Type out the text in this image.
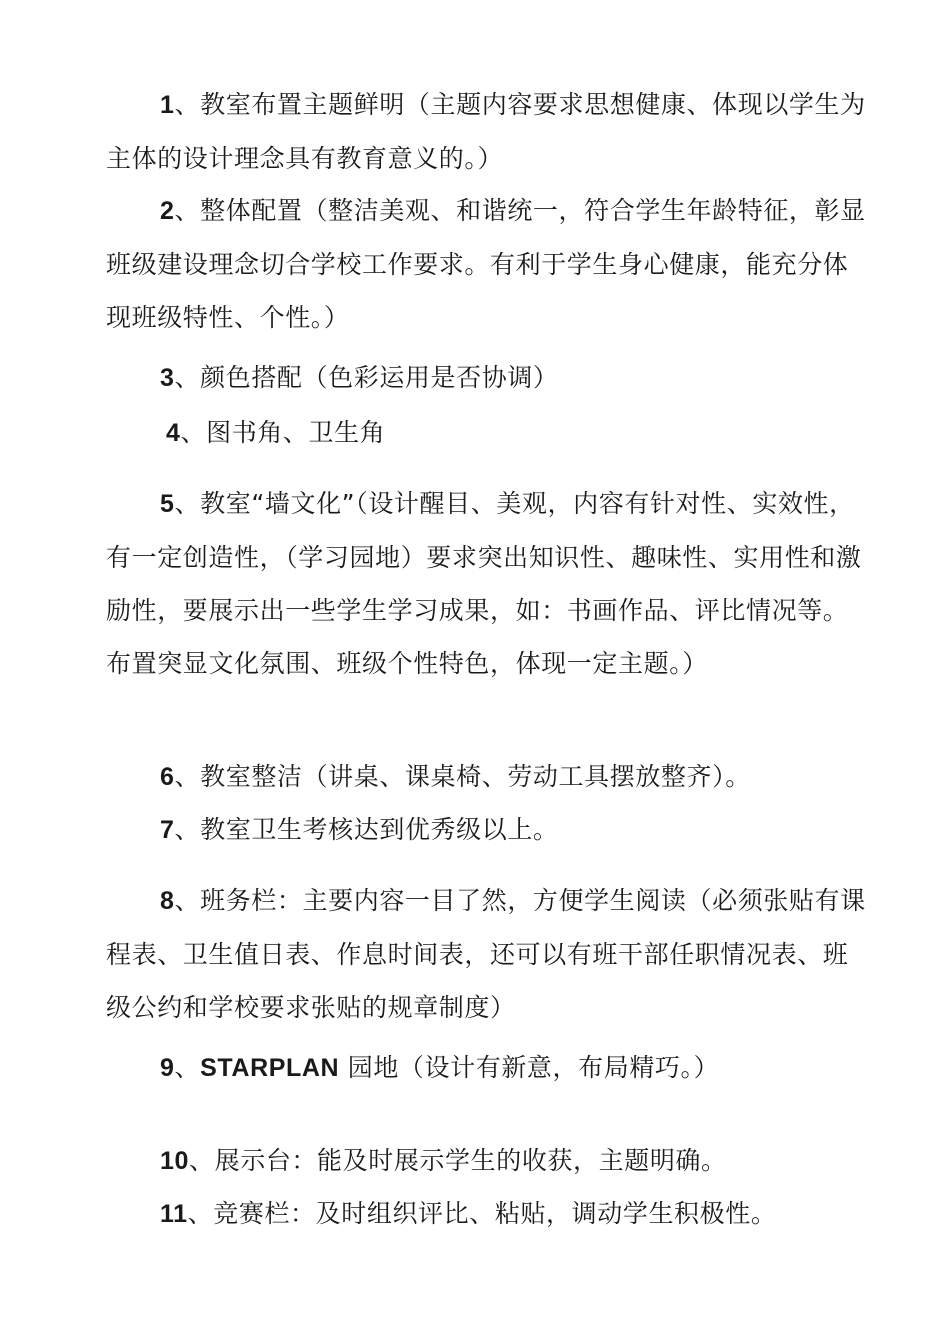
1、教室布置主题鲜明（主题内容要求思想健康、体现以学生为主体的设计理念具有教育意义的。）
2、整体配置（整洁美观、和谐统一，符合学生年龄特征，彰显班级建设理念切合学校工作要求。有利于学生身心健康，能充分体现班级特性、个性。）
3、颜色搭配（色彩运用是否协调）
4、图书角、卫生角
5、教室“墙文化”（设计醒目、美观，内容有针对性、实效性，有一定创造性，（学习园地）要求突出知识性、趣味性、实用性和激励性，要展示出一些学生学习成果，如：书画作品、评比情况等。布置突显文化氛围、班级个性特色，体现一定主题。）
6、教室整洁（讲桌、课桌椅、劳动工具摆放整齐）。
7、教室卫生考核达到优秀级以上。
8、班务栏：主要内容一目了然，方便学生阅读（必须张贴有课程表、卫生值日表、作息时间表，还可以有班干部任职情况表、班级公约和学校要求张贴的规章制度）
9、STARPLAN 园地（设计有新意，布局精巧。）
10、展示台：能及时展示学生的收获，主题明确。
11、竞赛栏：及时组织评比、粘贴，调动学生积极性。
